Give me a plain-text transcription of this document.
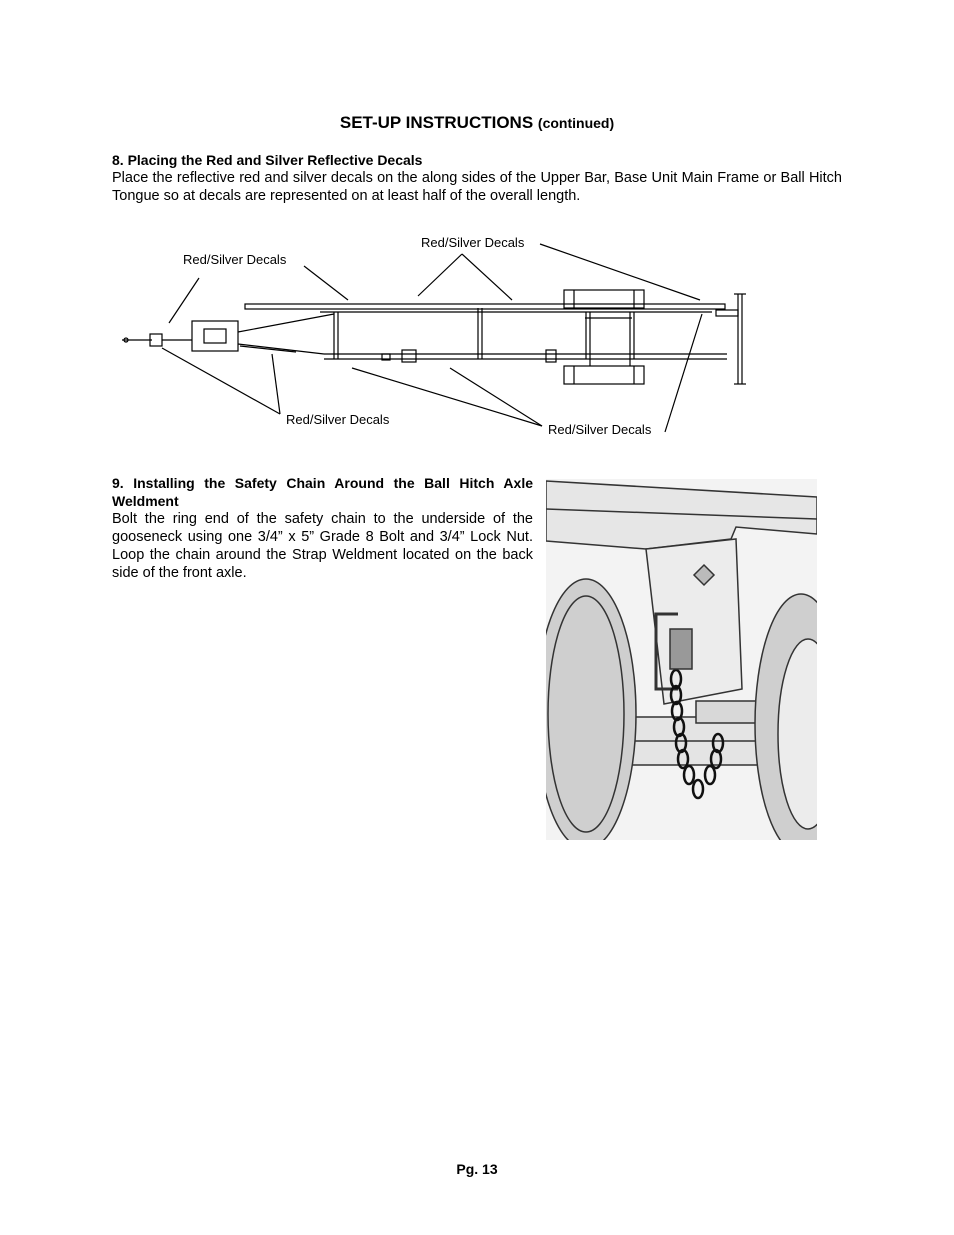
SET-UP INSTRUCTIONS (continued)
8. Placing the Red and Silver Reflective Decals

Place the reflective red and silver decals on the along sides of the Upper Bar, Base Unit Main Frame or Ball Hitch Tongue so at decals are represented on at least half of the overall length.

Red/Silver Decals
Red/Silver Decals
Red/Silver Decals
Red/Silver Decals
9. Installing the Safety Chain Around the Ball Hitch Axle Weldment

Bolt the ring end of the safety chain to the underside of the gooseneck using one 3/4” x 5” Grade 8 Bolt and 3/4” Lock Nut. Loop the chain around the Strap Weldment located on the back side of the front axle.

Pg. 13
